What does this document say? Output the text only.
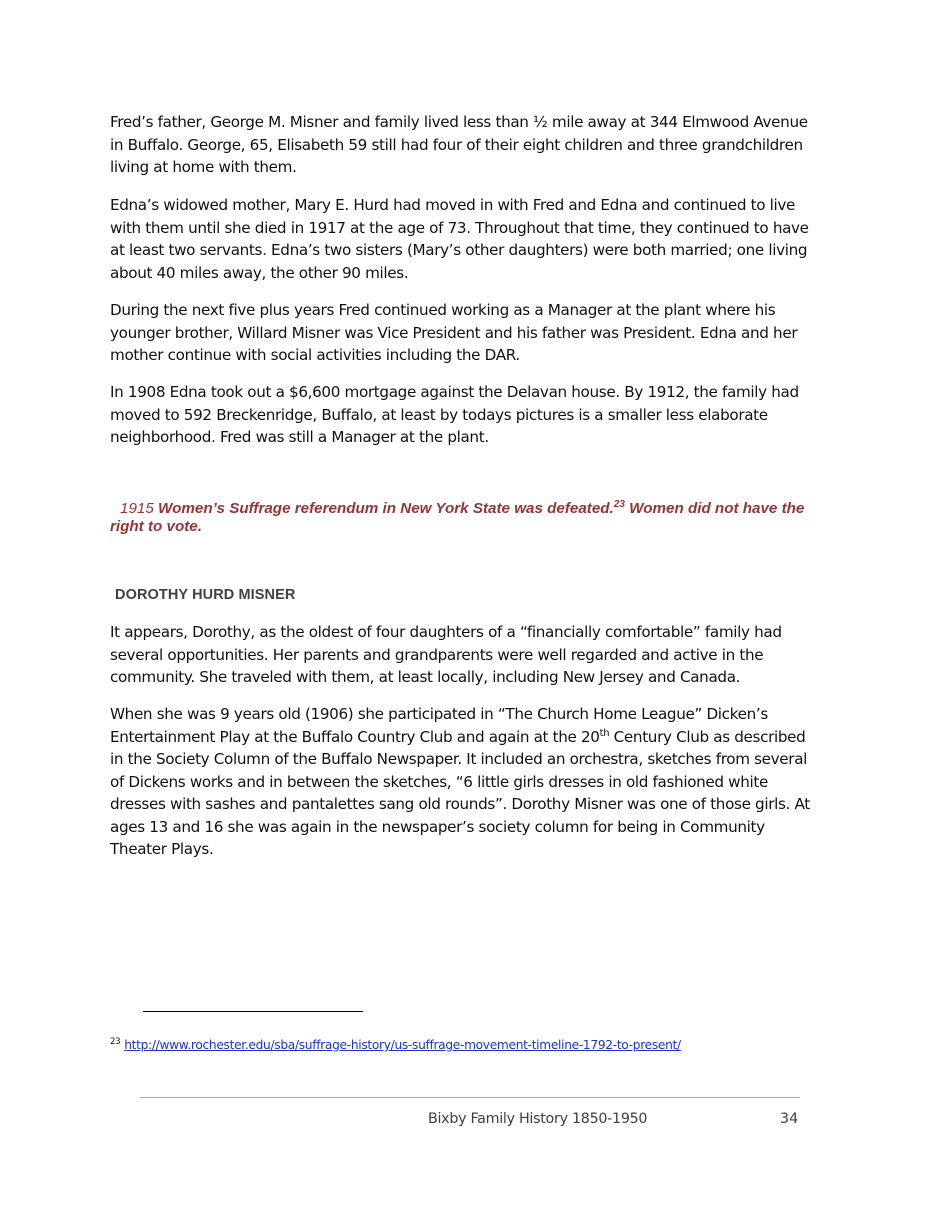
Fred’s father, George M. Misner and family lived less than ½ mile away at 344 Elmwood Avenue in Buffalo. George, 65, Elisabeth 59 still had four of their eight children and three grandchildren living at home with them.

Edna’s widowed mother, Mary E. Hurd had moved in with Fred and Edna and continued to live with them until she died in 1917 at the age of 73. Throughout that time, they continued to have at least two servants. Edna’s two sisters (Mary’s other daughters) were both married; one living about 40 miles away, the other 90 miles.

During the next five plus years Fred continued working as a Manager at the plant where his younger brother, Willard Misner was Vice President and his father was President. Edna and her mother continue with social activities including the DAR.

In 1908 Edna took out a $6,600 mortgage against the Delavan house. By 1912, the family had moved to 592 Breckenridge, Buffalo, at least by todays pictures is a smaller less elaborate neighborhood. Fred was still a Manager at the plant.

1915 Women’s Suffrage referendum in New York State was defeated.$^{23}$ Women did not have the right to vote.

DOROTHY HURD MISNER

It appears, Dorothy, as the oldest of four daughters of a “financially comfortable” family had several opportunities. Her parents and grandparents were well regarded and active in the community. She traveled with them, at least locally, including New Jersey and Canada.

When she was 9 years old (1906) she participated in “The Church Home League” Dicken’s Entertainment Play at the Buffalo Country Club and again at the 20th Century Club as described in the Society Column of the Buffalo Newspaper. It included an orchestra, sketches from several of Dickens works and in between the sketches, “6 little girls dresses in old fashioned white dresses with sashes and pantalettes sang old rounds”. Dorothy Misner was one of those girls. At ages 13 and 16 she was again in the newspaper’s society column for being in Community Theater Plays.

$^{23}$ http://www.rochester.edu/sba/suffrage-history/us-suffrage-movement-timeline-1792-to-present/

Bixby Family History 1850-1950	34
